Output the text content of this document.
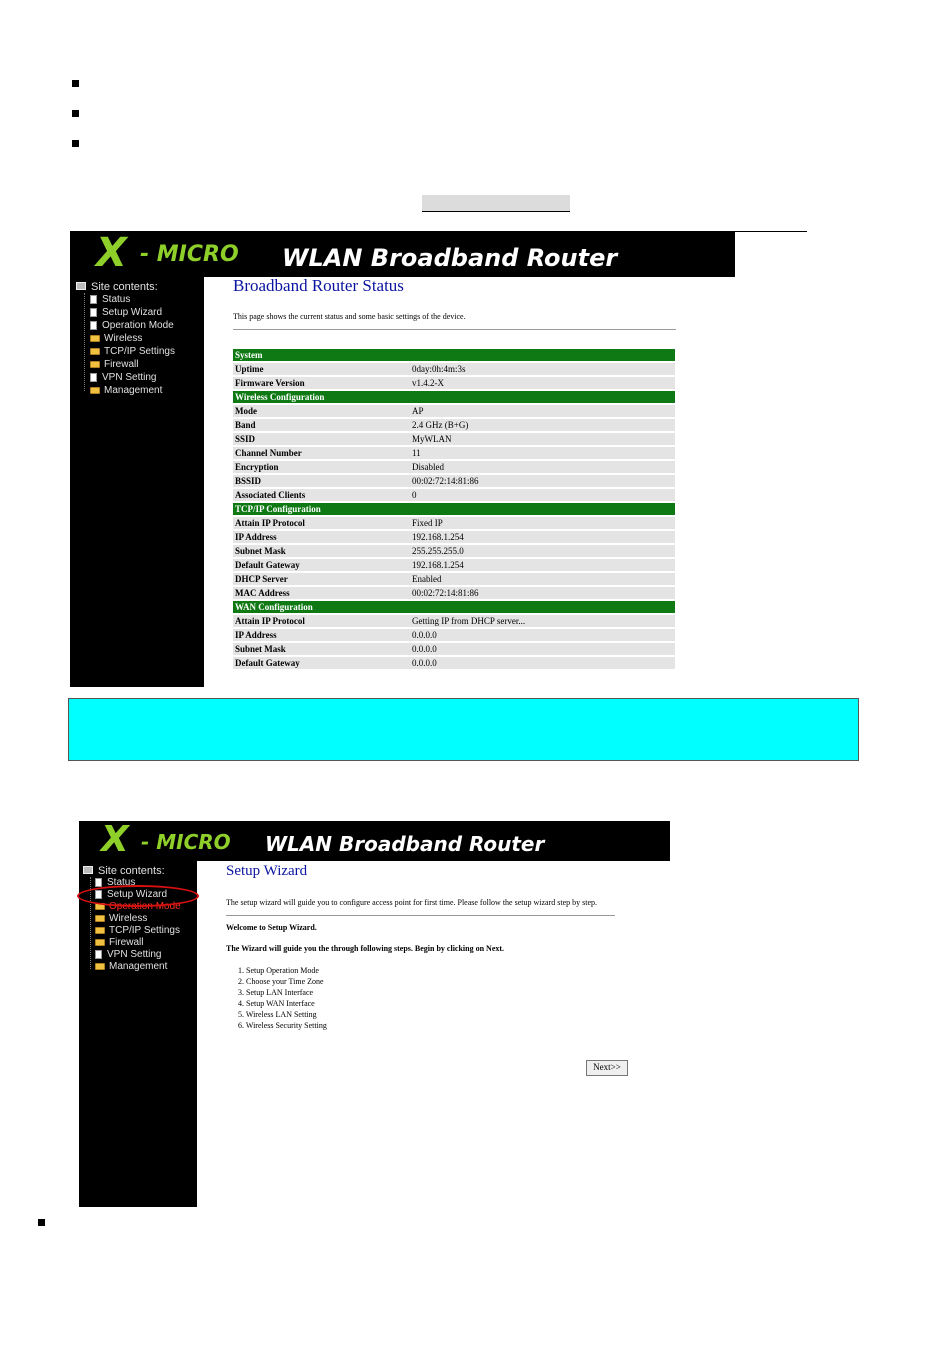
X - MICRO WLAN Broadband Router
Site contents:
Status
Setup Wizard
Operation Mode
Wireless
TCP/IP Settings
Firewall
VPN Setting
Management
Broadband Router Status
This page shows the current status and some basic settings of the device.
System	
Uptime	0day:0h:4m:3s
Firmware Version	v1.4.2-X
Wireless Configuration	
Mode	AP
Band	2.4 GHz (B+G)
SSID	MyWLAN
Channel Number	11
Encryption	Disabled
BSSID	00:02:72:14:81:86
Associated Clients	0
TCP/IP Configuration	
Attain IP Protocol	Fixed IP
IP Address	192.168.1.254
Subnet Mask	255.255.255.0
Default Gateway	192.168.1.254
DHCP Server	Enabled
MAC Address	00:02:72:14:81:86
WAN Configuration	
Attain IP Protocol	Getting IP from DHCP server...
IP Address	0.0.0.0
Subnet Mask	0.0.0.0
Default Gateway	0.0.0.0
X - MICRO WLAN Broadband Router
Site contents:
Status
Setup Wizard
Operation Mode
Wireless
TCP/IP Settings
Firewall
VPN Setting
Management
Setup Wizard
The setup wizard will guide you to configure access point for first time. Please follow the setup wizard step by step.
Welcome to Setup Wizard.
The Wizard will guide you the through following steps. Begin by clicking on Next.
1. Setup Operation Mode
2. Choose your Time Zone
3. Setup LAN Interface
4. Setup WAN Interface
5. Wireless LAN Setting
6. Wireless Security Setting
Next>>
